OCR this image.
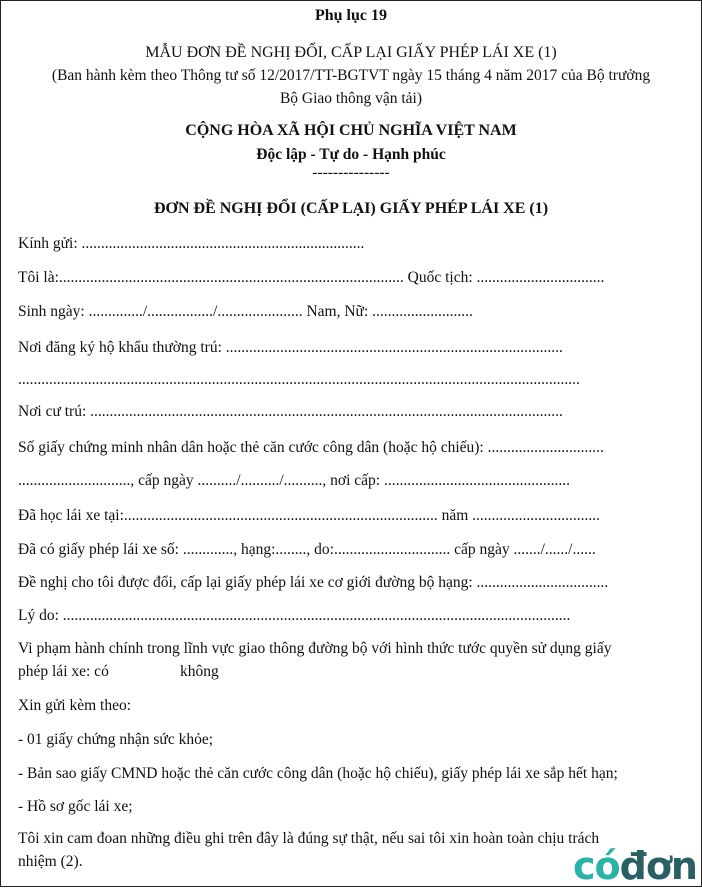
Phụ lục 19
MẪU ĐƠN ĐỀ NGHỊ ĐỔI, CẤP LẠI GIẤY PHÉP LÁI XE (1)
(Ban hành kèm theo Thông tư số 12/2017/TT-BGTVT ngày 15 tháng 4 năm 2017 của Bộ trưởng
Bộ Giao thông vận tải)
CỘNG HÒA XÃ HỘI CHỦ NGHĨA VIỆT NAM
Độc lập - Tự do - Hạnh phúc
---------------
ĐƠN ĐỀ NGHỊ ĐỔI (CẤP LẠI) GIẤY PHÉP LÁI XE (1)
Kính gửi: .........................................................................
Tôi là:......................................................................................... Quốc tịch: .................................
Sinh ngày: ............../................./...................... Nam, Nữ: ..........................
Nơi đăng ký hộ khẩu thường trú: .......................................................................................
.................................................................................................................................................
Nơi cư trú: ..........................................................................................................................
Số giấy chứng minh nhân dân hoặc thẻ căn cước công dân (hoặc hộ chiếu): ..............................
............................., cấp ngày ........../........../.........., nơi cấp: ................................................
Đã học lái xe tại:................................................................................. năm .................................
Đã có giấy phép lái xe số: ............., hạng:........, do:.............................. cấp ngày ......./....../......
Đề nghị cho tôi được đổi, cấp lại giấy phép lái xe cơ giới đường bộ hạng: ..................................
Lý do: ...................................................................................................................................
Vi phạm hành chính trong lĩnh vực giao thông đường bộ với hình thức tước quyền sử dụng giấy
phép lái xe: có	không
Xin gửi kèm theo:
- 01 giấy chứng nhận sức khỏe;
- Bản sao giấy CMND hoặc thẻ căn cước công dân (hoặc hộ chiếu), giấy phép lái xe sắp hết hạn;
- Hồ sơ gốc lái xe;
Tôi xin cam đoan những điều ghi trên đây là đúng sự thật, nếu sai tôi xin hoàn toàn chịu trách
nhiệm (2).	cóđơn
